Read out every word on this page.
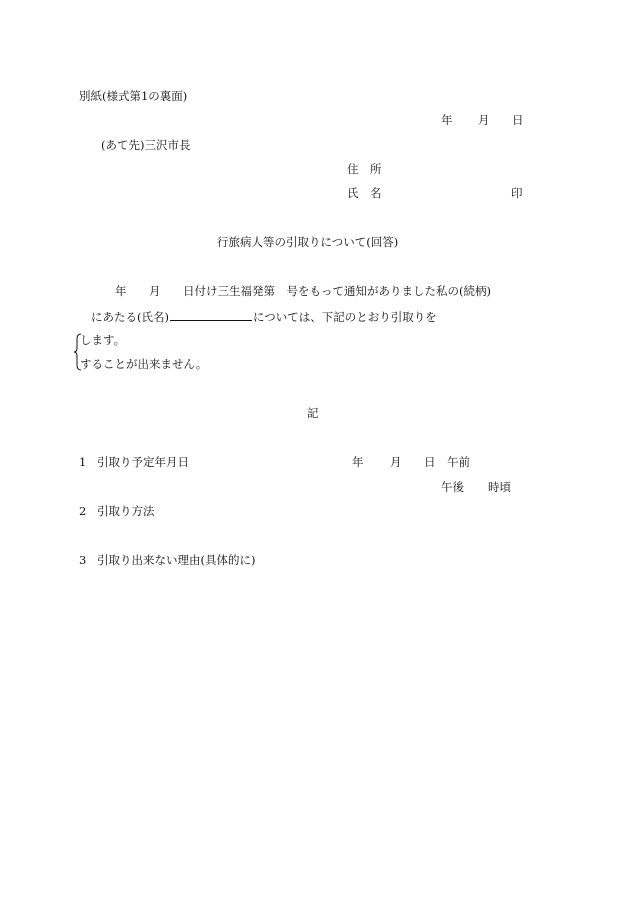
別紙(様式第1の裏面)
年 月 日
(あて先)三沢市長
住　所
氏　名	印
行旅病人等の引取りについて(回答)
年 月 日付け三生福発第　号をもって通知がありました私の(続柄)
にあたる(氏名)	については、下記のとおり引取りを
します。
することが出来ません。
記
1 引取り予定年月日	年 月 日 午前
午後 時頃
2 引取り方法
3 引取り出来ない理由(具体的に)
